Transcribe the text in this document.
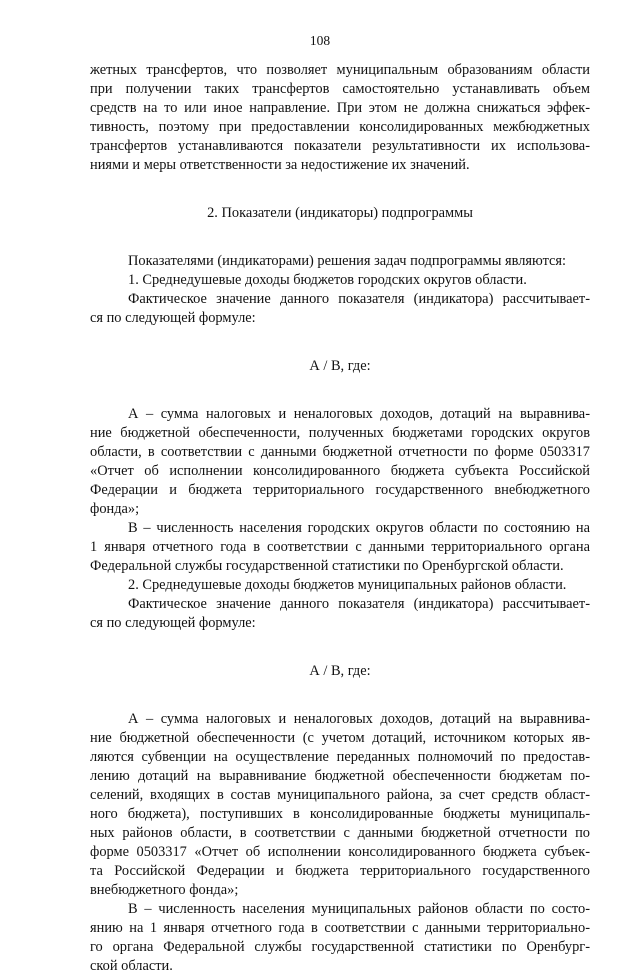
108

жетных трансфертов, что позволяет муниципальным образованиям области

при получении таких трансфертов самостоятельно устанавливать объем

средств на то или иное направление. При этом не должна снижаться эффек-

тивность, поэтому при предоставлении консолидированных межбюджетных

трансфертов устанавливаются показатели результативности их использова-

ниями и меры ответственности за недостижение их значений.

2. Показатели (индикаторы) подпрограммы

Показателями (индикаторами) решения задач подпрограммы являются:

1. Среднедушевые доходы бюджетов городских округов области.

Фактическое значение данного показателя (индикатора) рассчитывает-

ся по следующей формуле:

А / В, где:

А – сумма налоговых и неналоговых доходов, дотаций на выравнива-

ние бюджетной обеспеченности, полученных бюджетами городских округов

области, в соответствии с данными бюджетной отчетности по форме 0503317

«Отчет об исполнении консолидированного бюджета субъекта Российской

Федерации и бюджета территориального государственного внебюджетного

фонда»;

В – численность населения городских округов области по состоянию на

1 января отчетного года в соответствии с данными территориального органа

Федеральной службы государственной статистики по Оренбургской области.

2. Среднедушевые доходы бюджетов муниципальных районов области.

Фактическое значение данного показателя (индикатора) рассчитывает-

ся по следующей формуле:

А / В, где:

А – сумма налоговых и неналоговых доходов, дотаций на выравнива-

ние бюджетной обеспеченности (с учетом дотаций, источником которых яв-

ляются субвенции на осуществление переданных полномочий по предостав-

лению дотаций на выравнивание бюджетной обеспеченности бюджетам по-

селений, входящих в состав муниципального района, за счет средств област-

ного бюджета), поступивших в консолидированные бюджеты муниципаль-

ных районов области, в соответствии с данными бюджетной отчетности по

форме 0503317 «Отчет об исполнении консолидированного бюджета субъек-

та Российской Федерации и бюджета территориального государственного

внебюджетного фонда»;

В – численность населения муниципальных районов области по состо-

янию на 1 января отчетного года в соответствии с данными территориально-

го органа Федеральной службы государственной статистики по Оренбург-

ской области.
